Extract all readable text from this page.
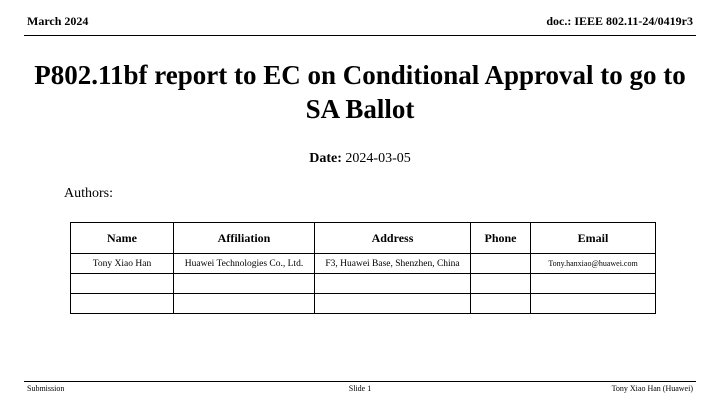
March 2024	doc.: IEEE 802.11-24/0419r3
P802.11bf report to EC on Conditional Approval to go to SA Ballot
Date: 2024-03-05
Authors:
Name	Affiliation	Address	Phone	Email
Tony Xiao Han	Huawei Technologies Co., Ltd.	F3, Huawei Base, Shenzhen, China		Tony.hanxiao@huawei.com

Submission	Slide 1	Tony Xiao Han (Huawei)
